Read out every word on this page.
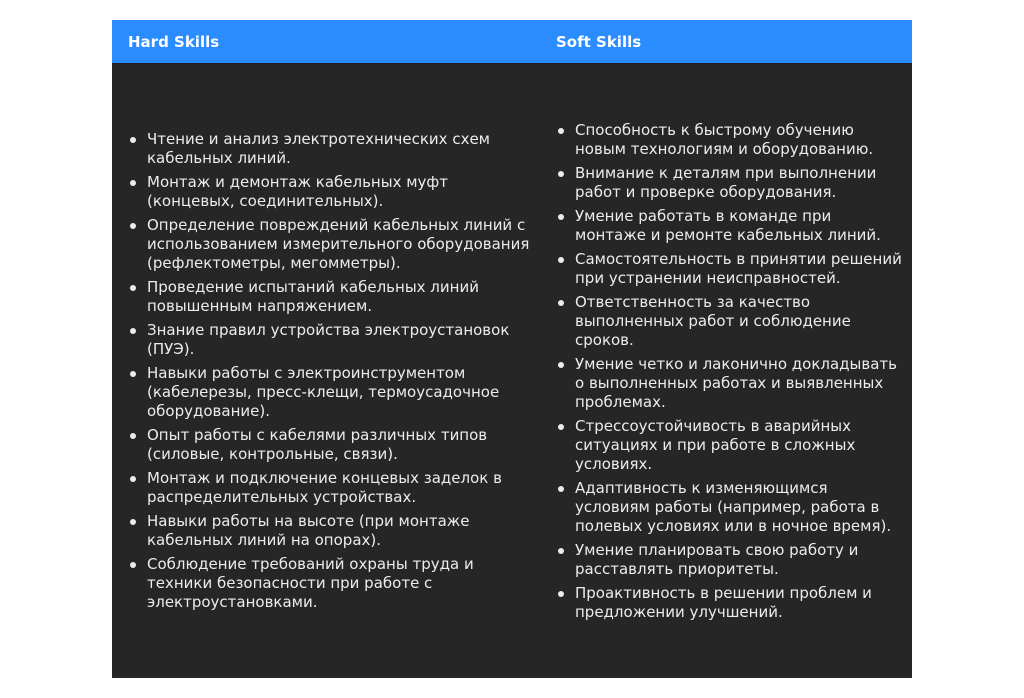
Hard Skills	Soft Skills
Чтение и анализ электротехнических схем кабельных линий.
Монтаж и демонтаж кабельных муфт (концевых, соединительных).
Определение повреждений кабельных линий с использованием измерительного оборудования (рефлектометры, мегомметры).
Проведение испытаний кабельных линий повышенным напряжением.
Знание правил устройства электроустановок (ПУЭ).
Навыки работы с электроинструментом (кабелерезы, пресс-клещи, термоусадочное оборудование).
Опыт работы с кабелями различных типов (силовые, контрольные, связи).
Монтаж и подключение концевых заделок в распределительных устройствах.
Навыки работы на высоте (при монтаже кабельных линий на опорах).
Соблюдение требований охраны труда и техники безопасности при работе с электроустановками.
Способность к быстрому обучению новым технологиям и оборудованию.
Внимание к деталям при выполнении работ и проверке оборудования.
Умение работать в команде при монтаже и ремонте кабельных линий.
Самостоятельность в принятии решений при устранении неисправностей.
Ответственность за качество выполненных работ и соблюдение сроков.
Умение четко и лаконично докладывать о выполненных работах и выявленных проблемах.
Стрессоустойчивость в аварийных ситуациях и при работе в сложных условиях.
Адаптивность к изменяющимся условиям работы (например, работа в полевых условиях или в ночное время).
Умение планировать свою работу и расставлять приоритеты.
Проактивность в решении проблем и предложении улучшений.
